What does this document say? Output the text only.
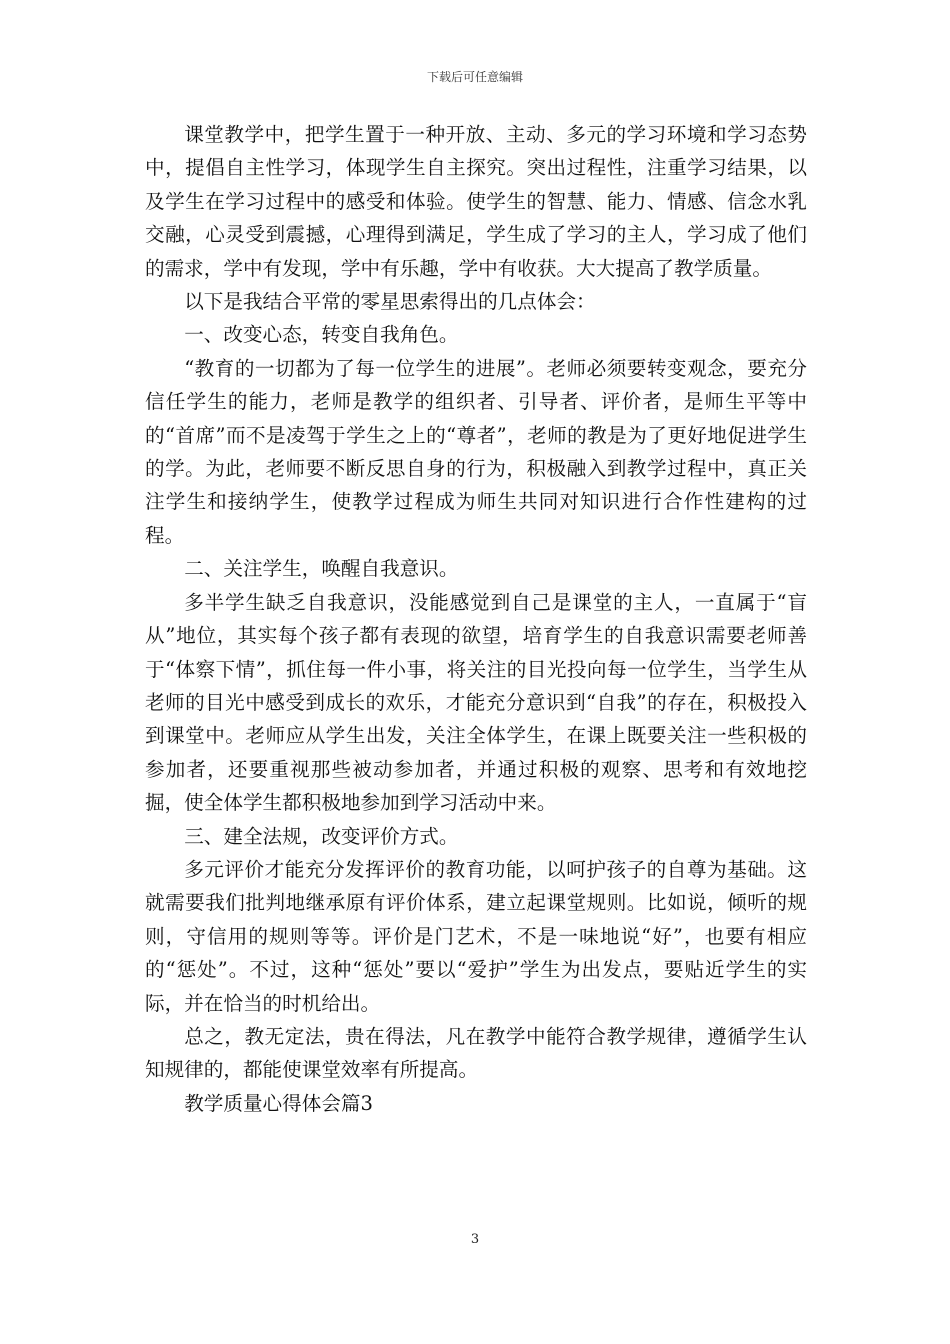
下载后可任意编辑

课堂教学中，把学生置于一种开放、主动、多元的学习环境和学习态势中，提倡自主性学习，体现学生自主探究。突出过程性，注重学习结果，以及学生在学习过程中的感受和体验。使学生的智慧、能力、情感、信念水乳交融，心灵受到震撼，心理得到满足，学生成了学习的主人，学习成了他们的需求，学中有发现，学中有乐趣，学中有收获。大大提高了教学质量。

以下是我结合平常的零星思索得出的几点体会：

一、改变心态，转变自我角色。

“教育的一切都为了每一位学生的进展”。老师必须要转变观念，要充分信任学生的能力，老师是教学的组织者、引导者、评价者，是师生平等中的“首席”而不是凌驾于学生之上的“尊者”，老师的教是为了更好地促进学生的学。为此，老师要不断反思自身的行为，积极融入到教学过程中，真正关注学生和接纳学生，使教学过程成为师生共同对知识进行合作性建构的过程。

二、关注学生，唤醒自我意识。

多半学生缺乏自我意识，没能感觉到自己是课堂的主人，一直属于“盲从”地位，其实每个孩子都有表现的欲望，培育学生的自我意识需要老师善于“体察下情”，抓住每一件小事，将关注的目光投向每一位学生，当学生从老师的目光中感受到成长的欢乐，才能充分意识到“自我”的存在，积极投入到课堂中。老师应从学生出发，关注全体学生，在课上既要关注一些积极的参加者，还要重视那些被动参加者，并通过积极的观察、思考和有效地挖掘，使全体学生都积极地参加到学习活动中来。

三、建全法规，改变评价方式。

多元评价才能充分发挥评价的教育功能，以呵护孩子的自尊为基础。这就需要我们批判地继承原有评价体系，建立起课堂规则。比如说，倾听的规则，守信用的规则等等。评价是门艺术，不是一味地说“好”，也要有相应的“惩处”。不过，这种“惩处”要以“爱护”学生为出发点，要贴近学生的实际，并在恰当的时机给出。

总之，教无定法，贵在得法，凡在教学中能符合教学规律，遵循学生认知规律的，都能使课堂效率有所提高。

教学质量心得体会篇3

3
